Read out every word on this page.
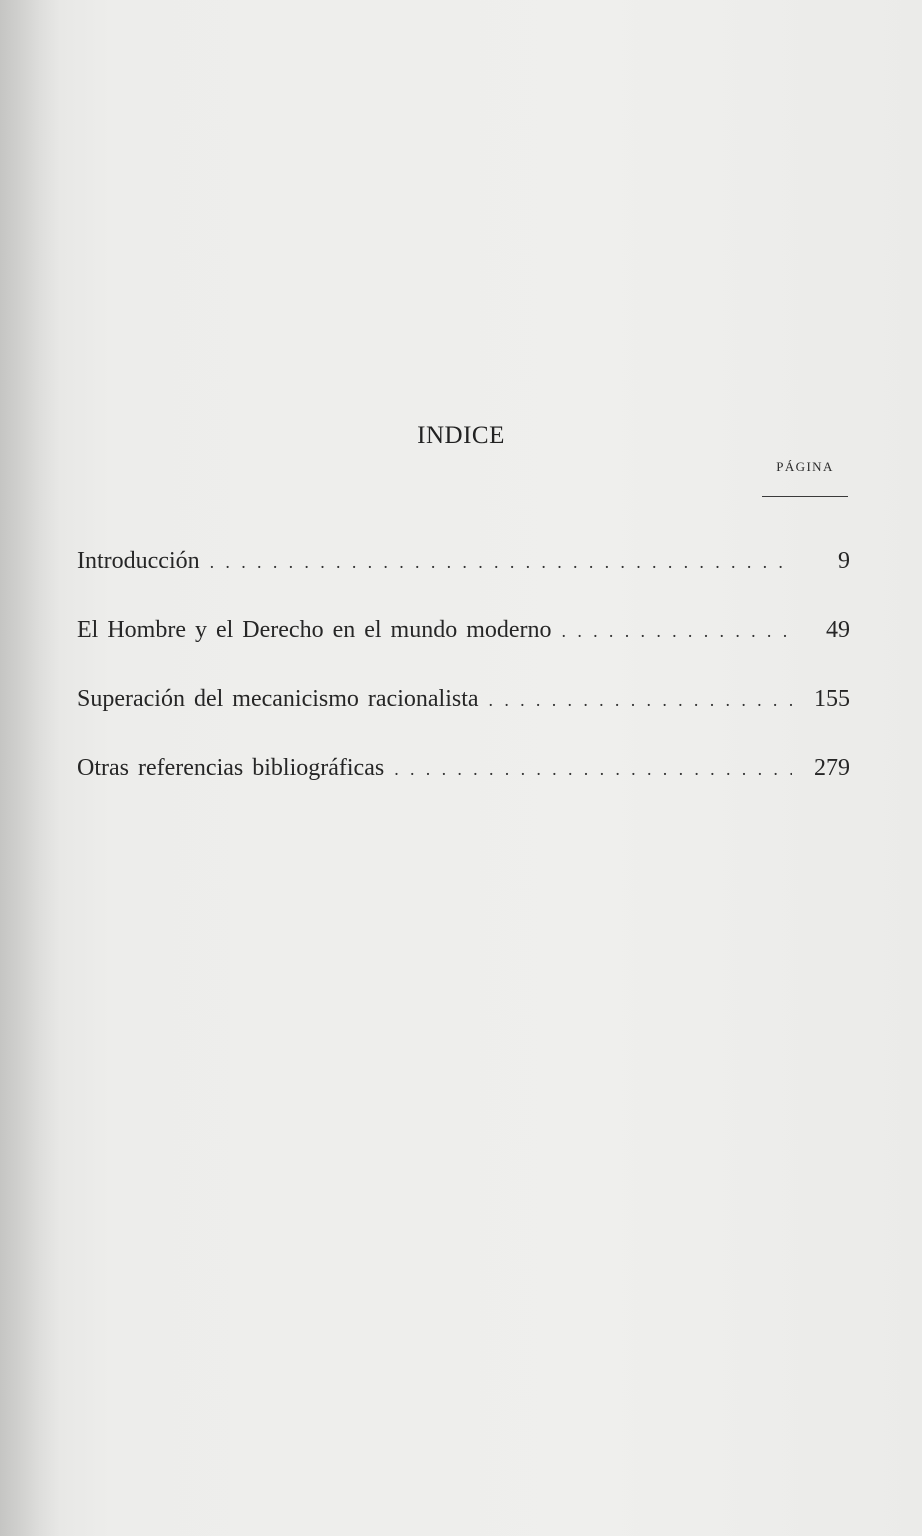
INDICE
PÁGINA
Introducción . . .	9
El Hombre y el Derecho en el mundo moderno . . .	49
Superación del mecanicismo racionalista . . .	155
Otras referencias bibliográficas . . .	279
